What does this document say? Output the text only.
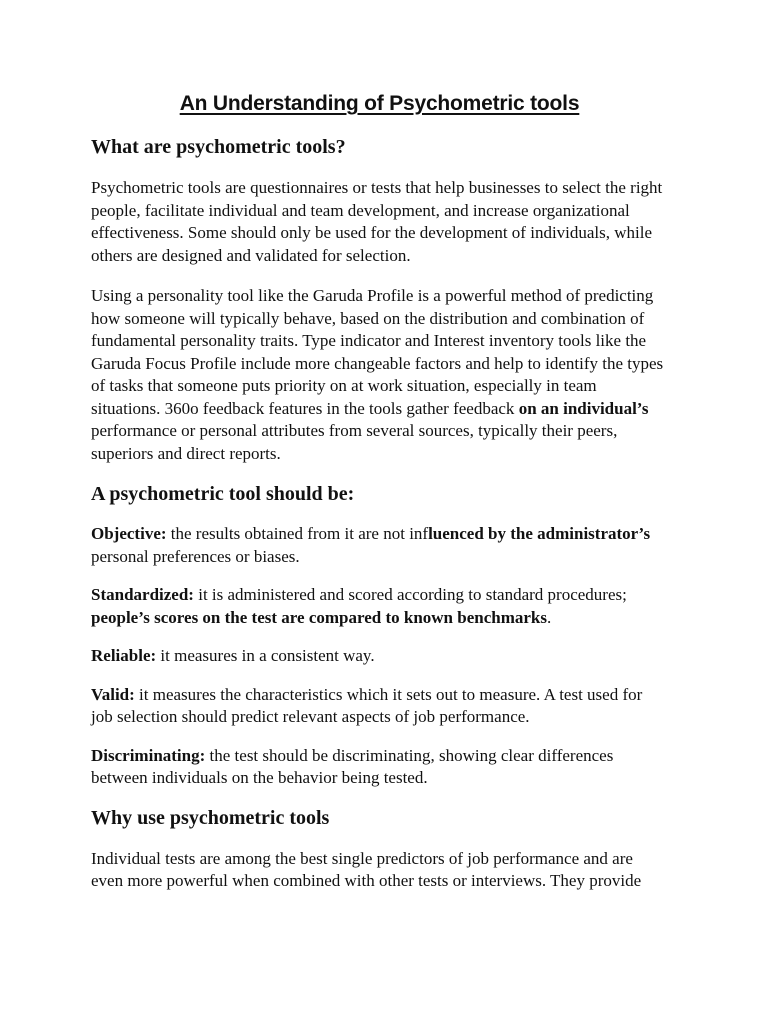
An Understanding of Psychometric tools
What are psychometric tools?

Psychometric tools are questionnaires or tests that help businesses to select the right people, facilitate individual and team development, and increase organizational effectiveness. Some should only be used for the development of individuals, while others are designed and validated for selection.

Using a personality tool like the Garuda Profile is a powerful method of predicting how someone will typically behave, based on the distribution and combination of fundamental personality traits. Type indicator and Interest inventory tools like the Garuda Focus Profile include more changeable factors and help to identify the types of tasks that someone puts priority on at work situation, especially in team situations. 360o feedback features in the tools gather feedback on an individual’s performance or personal attributes from several sources, typically their peers, superiors and direct reports.

A psychometric tool should be:

Objective: the results obtained from it are not influenced by the administrator’s personal preferences or biases.

Standardized: it is administered and scored according to standard procedures; people’s scores on the test are compared to known benchmarks.

Reliable: it measures in a consistent way.

Valid: it measures the characteristics which it sets out to measure. A test used for job selection should predict relevant aspects of job performance.

Discriminating: the test should be discriminating, showing clear differences between individuals on the behavior being tested.

Why use psychometric tools

Individual tests are among the best single predictors of job performance and are even more powerful when combined with other tests or interviews. They provide
